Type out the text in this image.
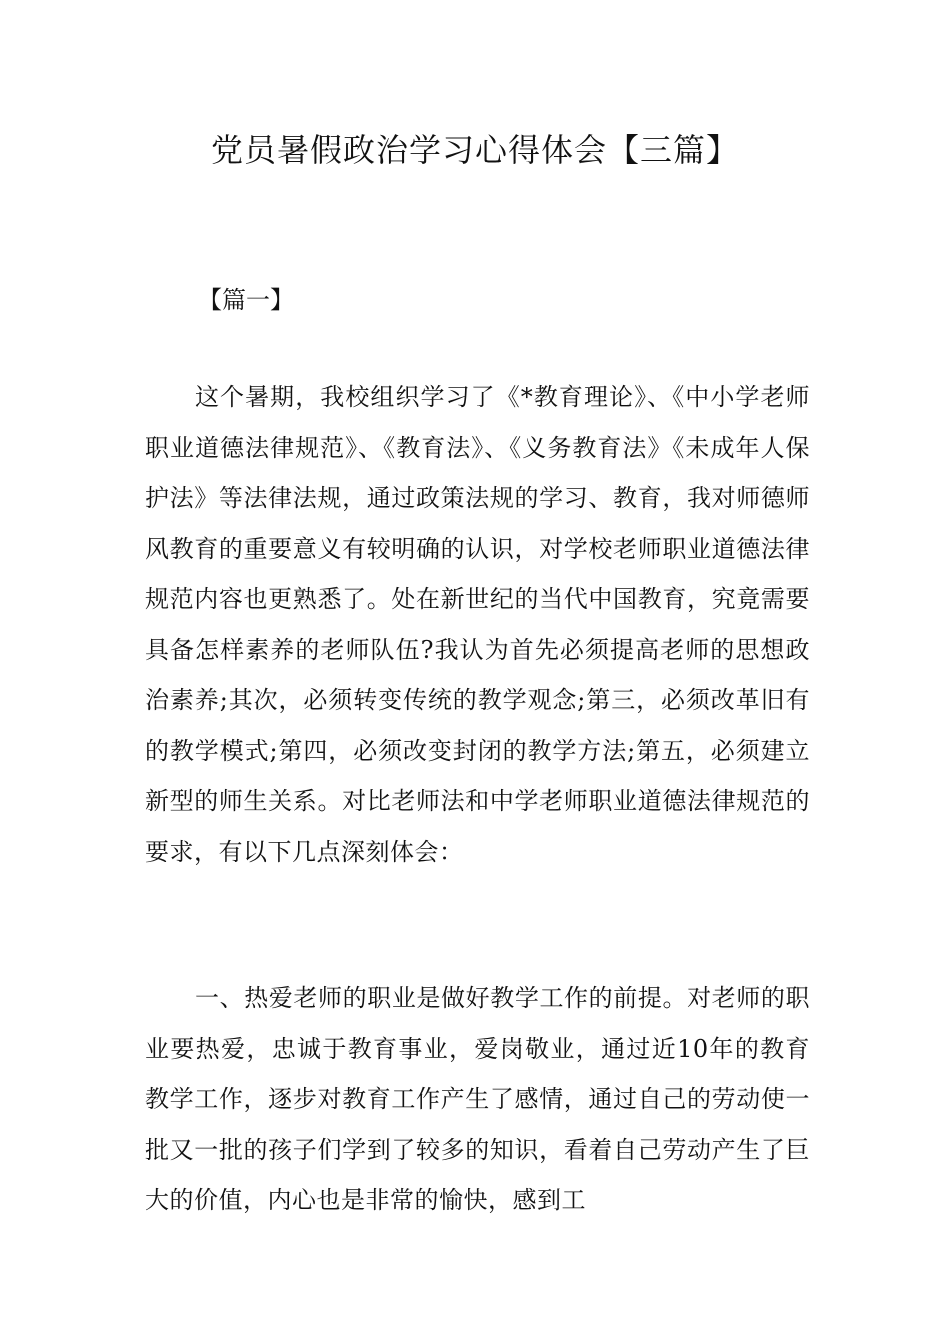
党员暑假政治学习心得体会【三篇】
【篇一】

这个暑期，我校组织学习了《*教育理论》、《中小学老师职业道德法律规范》、《教育法》、《义务教育法》《未成年人保护法》等法律法规，通过政策法规的学习、教育，我对师德师风教育的重要意义有较明确的认识，对学校老师职业道德法律规范内容也更熟悉了。处在新世纪的当代中国教育，究竟需要具备怎样素养的老师队伍?我认为首先必须提高老师的思想政治素养;其次，必须转变传统的教学观念;第三，必须改革旧有的教学模式;第四，必须改变封闭的教学方法;第五，必须建立新型的师生关系。对比老师法和中学老师职业道德法律规范的要求，有以下几点深刻体会：

一、热爱老师的职业是做好教学工作的前提。对老师的职业要热爱，忠诚于教育事业，爱岗敬业，通过近10年的教育教学工作，逐步对教育工作产生了感情，通过自己的劳动使一批又一批的孩子们学到了较多的知识，看着自己劳动产生了巨大的价值，内心也是非常的愉快，感到工
